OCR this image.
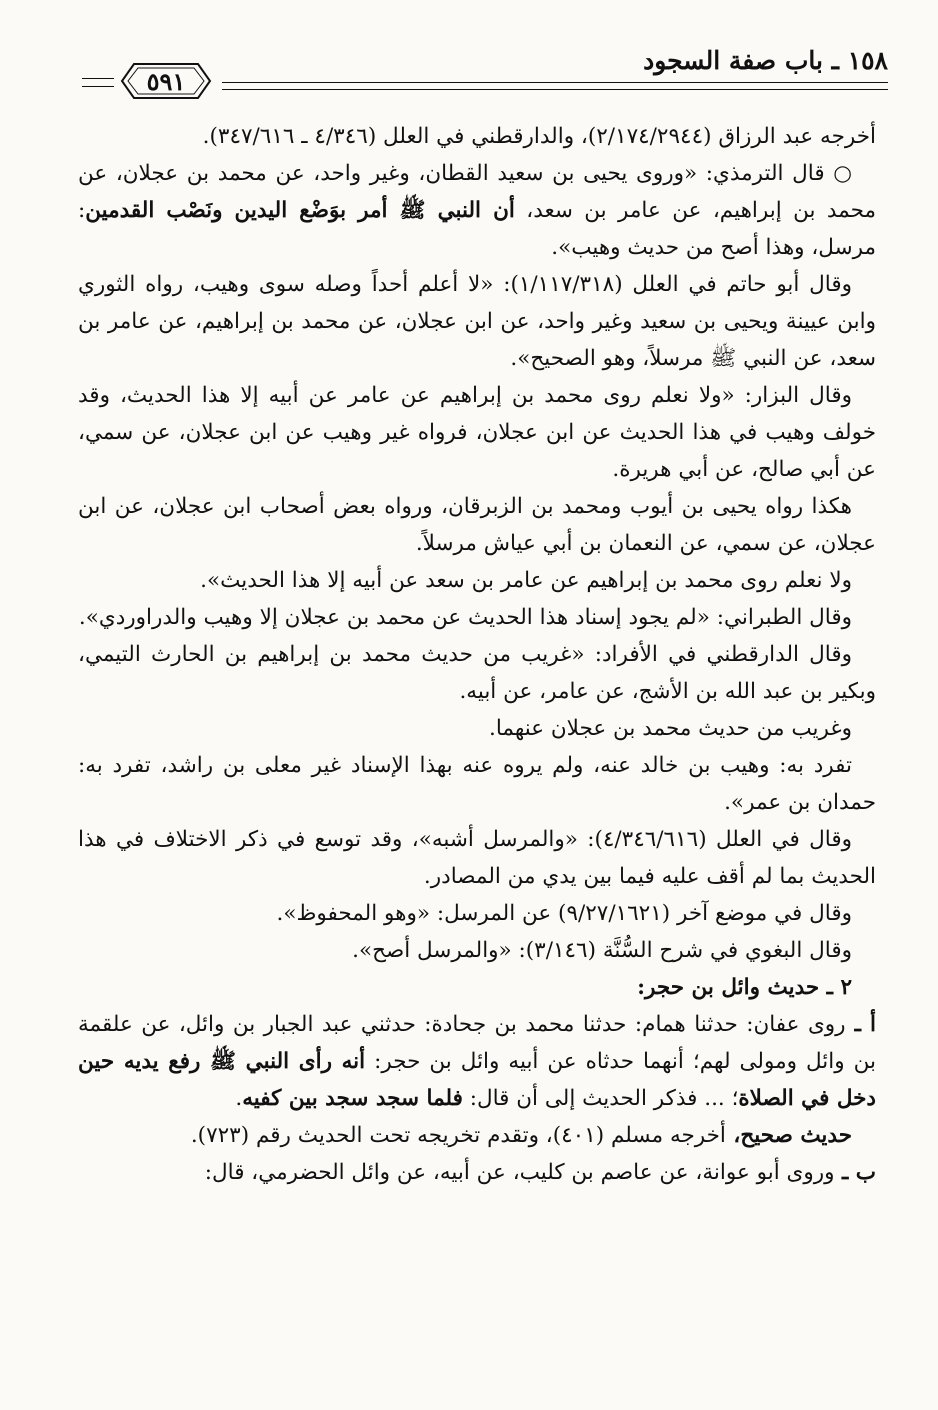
١٥٨ ـ باب صفة السجود
٥٩١

أخرجه عبد الرزاق (٢/١٧٤/٢٩٤٤)، والدارقطني في العلل (٤/٣٤٦ ـ ٣٤٧/٦١٦).

○ قال الترمذي: «وروى يحيى بن سعيد القطان، وغير واحد، عن محمد بن عجلان، عن محمد بن إبراهيم، عن عامر بن سعد، أن النبي ﷺ أمر بوَضْع اليدين ونَصْب القدمين: مرسل، وهذا أصح من حديث وهيب».

وقال أبو حاتم في العلل (١/١١٧/٣١٨): «لا أعلم أحداً وصله سوى وهيب، رواه الثوري وابن عيينة ويحيى بن سعيد وغير واحد، عن ابن عجلان، عن محمد بن إبراهيم، عن عامر بن سعد، عن النبي ﷺ مرسلاً، وهو الصحيح».

وقال البزار: «ولا نعلم روى محمد بن إبراهيم عن عامر عن أبيه إلا هذا الحديث، وقد خولف وهيب في هذا الحديث عن ابن عجلان، فرواه غير وهيب عن ابن عجلان، عن سمي، عن أبي صالح، عن أبي هريرة.

هكذا رواه يحيى بن أيوب ومحمد بن الزبرقان، ورواه بعض أصحاب ابن عجلان، عن ابن عجلان، عن سمي، عن النعمان بن أبي عياش مرسلاً.

ولا نعلم روى محمد بن إبراهيم عن عامر بن سعد عن أبيه إلا هذا الحديث».

وقال الطبراني: «لم يجود إسناد هذا الحديث عن محمد بن عجلان إلا وهيب والدراوردي».

وقال الدارقطني في الأفراد: «غريب من حديث محمد بن إبراهيم بن الحارث التيمي، وبكير بن عبد الله بن الأشج، عن عامر، عن أبيه.

وغريب من حديث محمد بن عجلان عنهما.

تفرد به: وهيب بن خالد عنه، ولم يروه عنه بهذا الإسناد غير معلى بن راشد، تفرد به: حمدان بن عمر».

وقال في العلل (٤/٣٤٦/٦١٦): «والمرسل أشبه»، وقد توسع في ذكر الاختلاف في هذا الحديث بما لم أقف عليه فيما بين يدي من المصادر.

وقال في موضع آخر (٩/٢٧/١٦٢١) عن المرسل: «وهو المحفوظ».

وقال البغوي في شرح السُّنَّة (٣/١٤٦): «والمرسل أصح».

٢ ـ حديث وائل بن حجر:

أ ـ روى عفان: حدثنا همام: حدثنا محمد بن جحادة: حدثني عبد الجبار بن وائل، عن علقمة بن وائل ومولى لهم؛ أنهما حدثاه عن أبيه وائل بن حجر: أنه رأى النبي ﷺ رفع يديه حين دخل في الصلاة؛ ... فذكر الحديث إلى أن قال: فلما سجد سجد بين كفيه.

حديث صحيح، أخرجه مسلم (٤٠١)، وتقدم تخريجه تحت الحديث رقم (٧٢٣).

ب ـ وروى أبو عوانة، عن عاصم بن كليب، عن أبيه، عن وائل الحضرمي، قال:
